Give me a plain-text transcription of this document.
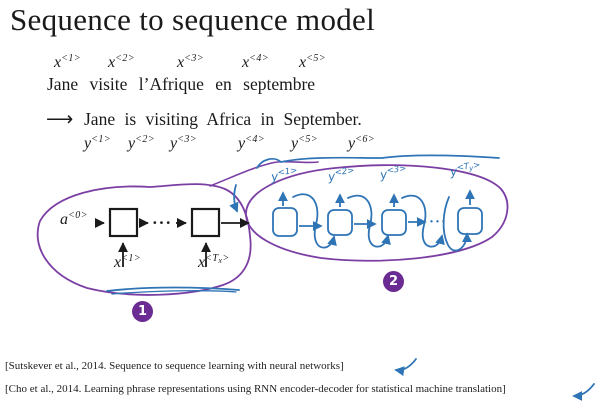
···	···
Sequence to sequence model
$x^{<1>}$ $x^{<2>}$	$x^{<3>}$ $x^{<4>}$ $x^{<5>}$
Jane visite l’Afrique en septembre
⟶ Jane is visiting Africa in September.
$y^{<1>}$ $y^{<2>}$ $y^{<3>}$	$y^{<4>}$ $y^{<5>}$ $y^{<6>}$
$a^{<0>}$
$x^{<1>}$	$x^{<T_x>}$
$y^{<1>}$ $y^{<2>}$ $y^{<3>}$	$y^{<T_y>}$
1
2
[Sutskever et al., 2014. Sequence to sequence learning with neural networks]
[Cho et al., 2014. Learning phrase representations using RNN encoder-decoder for statistical machine translation]
